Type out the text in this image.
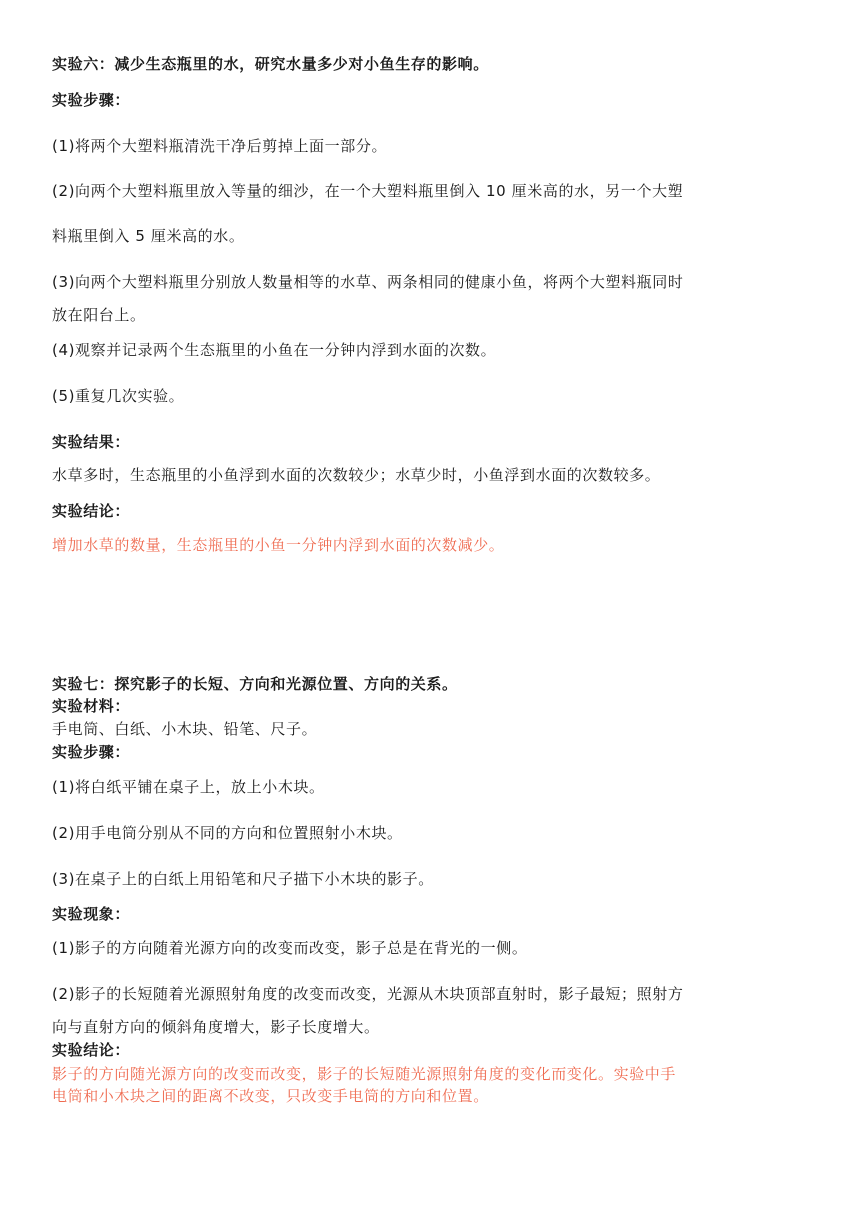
实验六：减少生态瓶里的水，研究水量多少对小鱼生存的影响。
实验步骤：
(1)将两个大塑料瓶清洗干净后剪掉上面一部分。
(2)向两个大塑料瓶里放入等量的细沙，在一个大塑料瓶里倒入 10 厘米高的水，另一个大塑
料瓶里倒入 5 厘米高的水。
(3)向两个大塑料瓶里分别放人数量相等的水草、两条相同的健康小鱼，将两个大塑料瓶同时
放在阳台上。
(4)观察并记录两个生态瓶里的小鱼在一分钟内浮到水面的次数。
(5)重复几次实验。
实验结果：
水草多时，生态瓶里的小鱼浮到水面的次数较少；水草少时，小鱼浮到水面的次数较多。
实验结论：
增加水草的数量，生态瓶里的小鱼一分钟内浮到水面的次数减少。
实验七：探究影子的长短、方向和光源位置、方向的关系。
实验材料：
手电筒、白纸、小木块、铅笔、尺子。
实验步骤：
(1)将白纸平铺在桌子上，放上小木块。
(2)用手电筒分别从不同的方向和位置照射小木块。
(3)在桌子上的白纸上用铅笔和尺子描下小木块的影子。
实验现象：
(1)影子的方向随着光源方向的改变而改变，影子总是在背光的一侧。
(2)影子的长短随着光源照射角度的改变而改变，光源从木块顶部直射时，影子最短；照射方
向与直射方向的倾斜角度增大，影子长度增大。
实验结论：
影子的方向随光源方向的改变而改变，影子的长短随光源照射角度的变化而变化。实验中手
电筒和小木块之间的距离不改变，只改变手电筒的方向和位置。
